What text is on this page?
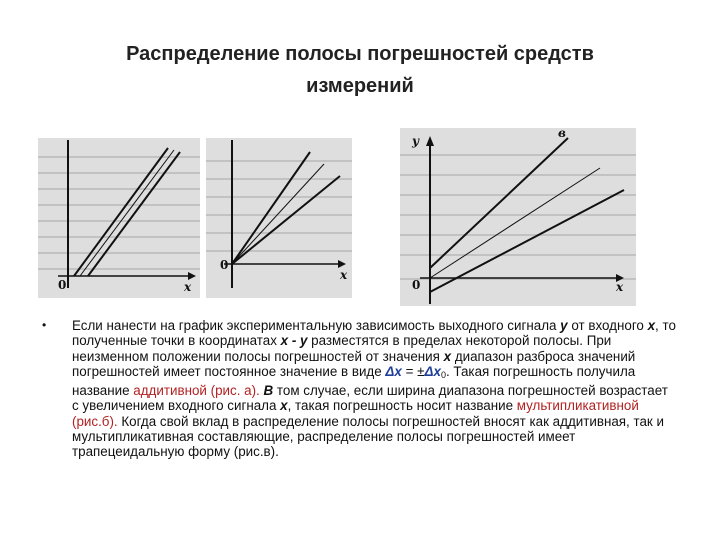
Распределение полосы погрешностей средств
измерений
x
0
x
0
y
в
x
0
• Если нанести на график экспериментальную зависимость выходного сигнала y от входного x, то полученные точки в координатах x - y разместятся в пределах некоторой полосы. При неизменном положении полосы погрешностей от значения x диапазон разброса значений погрешностей имеет постоянное значение в виде $\Delta x = \pm\Delta x_0$. Такая погрешность получила название аддитивной (рис. а). В том случае, если ширина диапазона погрешностей возрастает с увеличением входного сигнала x, такая погрешность носит название мультипликативной (рис.б). Когда свой вклад в распределение полосы погрешностей вносят как аддитивная, так и мультипликативная составляющие, распределение полосы погрешностей имеет трапецеидальную форму (рис.в).
